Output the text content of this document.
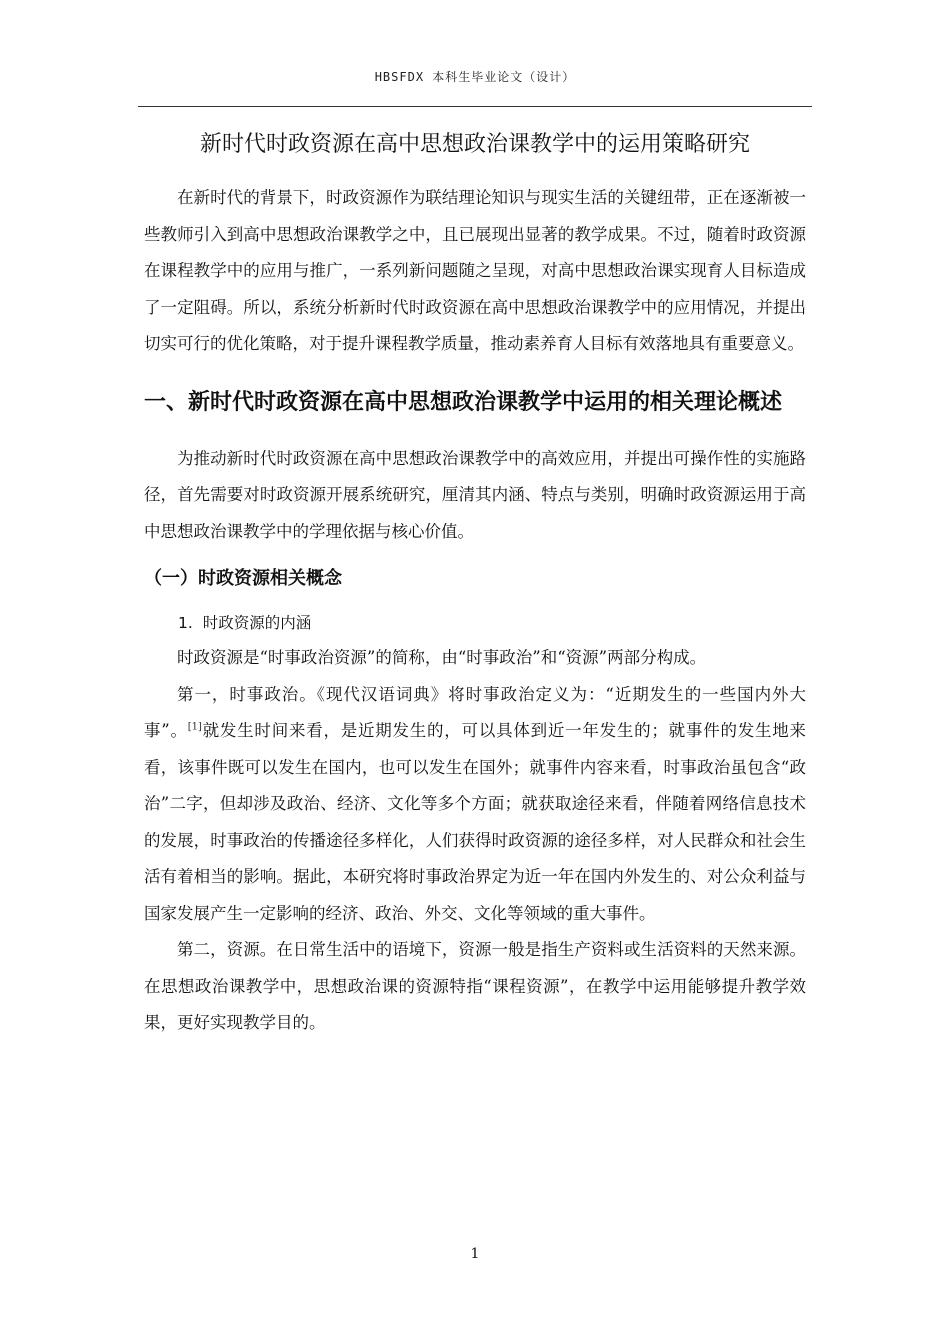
HBSFDX 本科生毕业论文（设计）
新时代时政资源在高中思想政治课教学中的运用策略研究

在新时代的背景下，时政资源作为联结理论知识与现实生活的关键纽带，正在逐渐被一些教师引入到高中思想政治课教学之中，且已展现出显著的教学成果。不过，随着时政资源在课程教学中的应用与推广，一系列新问题随之呈现，对高中思想政治课实现育人目标造成了一定阻碍。所以，系统分析新时代时政资源在高中思想政治课教学中的应用情况，并提出切实可行的优化策略，对于提升课程教学质量，推动素养育人目标有效落地具有重要意义。

一、新时代时政资源在高中思想政治课教学中运用的相关理论概述

为推动新时代时政资源在高中思想政治课教学中的高效应用，并提出可操作性的实施路径，首先需要对时政资源开展系统研究，厘清其内涵、特点与类别，明确时政资源运用于高中思想政治课教学中的学理依据与核心价值。

（一）时政资源相关概念
1. 时政资源的内涵

时政资源是“时事政治资源”的简称，由“时事政治”和“资源”两部分构成。

第一，时事政治。《现代汉语词典》将时事政治定义为：“近期发生的一些国内外大事”。[1]就发生时间来看，是近期发生的，可以具体到近一年发生的；就事件的发生地来看，该事件既可以发生在国内，也可以发生在国外；就事件内容来看，时事政治虽包含“政治”二字，但却涉及政治、经济、文化等多个方面；就获取途径来看，伴随着网络信息技术的发展，时事政治的传播途径多样化，人们获得时政资源的途径多样，对人民群众和社会生活有着相当的影响。据此，本研究将时事政治界定为近一年在国内外发生的、对公众利益与国家发展产生一定影响的经济、政治、外交、文化等领域的重大事件。

第二，资源。在日常生活中的语境下，资源一般是指生产资料或生活资料的天然来源。在思想政治课教学中，思想政治课的资源特指“课程资源”，在教学中运用能够提升教学效果，更好实现教学目的。

1
